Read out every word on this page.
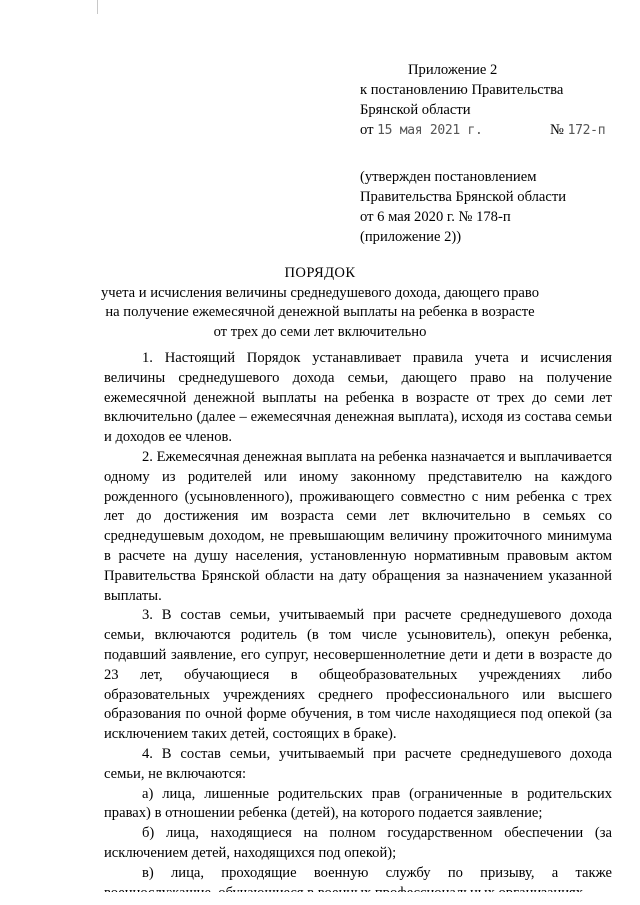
Приложение 2
к постановлению Правительства
Брянской области
от 15 мая 2021 г.	№ 172-п
(утвержден постановлением
Правительства Брянской области
от 6 мая 2020 г. № 178-п
(приложение 2))
ПОРЯДОК
учета и исчисления величины среднедушевого дохода, дающего право
на получение ежемесячной денежной выплаты на ребенка в возрасте
от трех до семи лет включительно

1. Настоящий Порядок устанавливает правила учета и исчисления величины среднедушевого дохода семьи, дающего право на получение ежемесячной денежной выплаты на ребенка в возрасте от трех до семи лет включительно (далее – ежемесячная денежная выплата), исходя из состава семьи и доходов ее членов.

2. Ежемесячная денежная выплата на ребенка назначается и выплачивается одному из родителей или иному законному представителю на каждого рожденного (усыновленного), проживающего совместно с ним ребенка с трех лет до достижения им возраста семи лет включительно в семьях со среднедушевым доходом, не превышающим величину прожиточного минимума в расчете на душу населения, установленную нормативным правовым актом Правительства Брянской области на дату обращения за назначением указанной выплаты.

3. В состав семьи, учитываемый при расчете среднедушевого дохода семьи, включаются родитель (в том числе усыновитель), опекун ребенка, подавший заявление, его супруг, несовершеннолетние дети и дети в возрасте до 23 лет, обучающиеся в общеобразовательных учреждениях либо образовательных учреждениях среднего профессионального или высшего образования по очной форме обучения, в том числе находящиеся под опекой (за исключением таких детей, состоящих в браке).

4. В состав семьи, учитываемый при расчете среднедушевого дохода семьи, не включаются:

а) лица, лишенные родительских прав (ограниченные в родительских правах) в отношении ребенка (детей), на которого подается заявление;

б) лица, находящиеся на полном государственном обеспечении (за исключением детей, находящихся под опекой);

в) лица, проходящие военную службу по призыву, а также
